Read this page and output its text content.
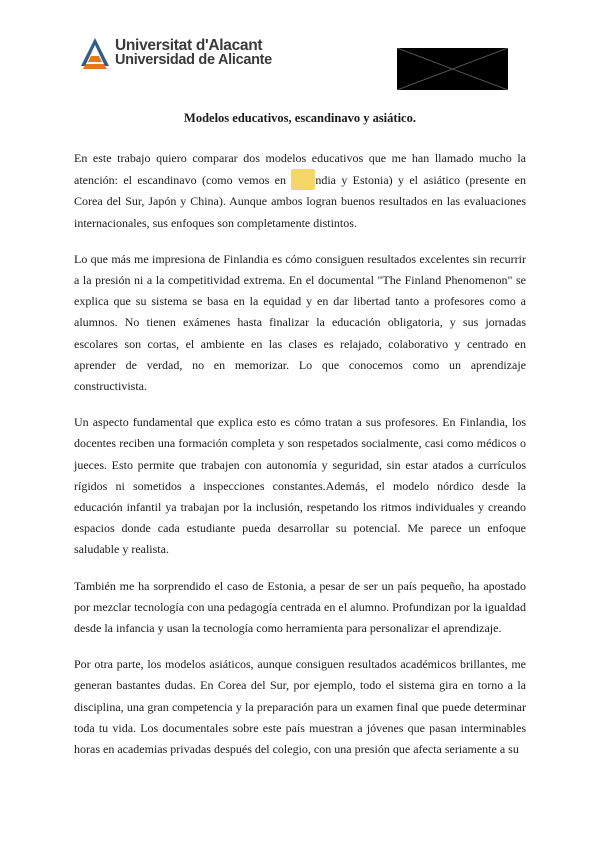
Universitat d'Alacant
Universidad de Alicante
Modelos educativos, escandinavo y asiático.

En este trabajo quiero comparar dos modelos educativos que me han llamado mucho la atención: el escandinavo (como vemos en ndia y Estonia) y el asiático (presente en Corea del Sur, Japón y China). Aunque ambos logran buenos resultados en las evaluaciones internacionales, sus enfoques son completamente distintos.

Lo que más me impresiona de Finlandia es cómo consiguen resultados excelentes sin recurrir a la presión ni a la competitividad extrema. En el documental "The Finland Phenomenon" se explica que su sistema se basa en la equidad y en dar libertad tanto a profesores como a alumnos. No tienen exámenes hasta finalizar la educación obligatoria, y sus jornadas escolares son cortas, el ambiente en las clases es relajado, colaborativo y centrado en aprender de verdad, no en memorizar. Lo que conocemos como un aprendizaje constructivista.

Un aspecto fundamental que explica esto es cómo tratan a sus profesores. En Finlandia, los docentes reciben una formación completa y son respetados socialmente, casi como médicos o jueces. Esto permite que trabajen con autonomía y seguridad, sin estar atados a currículos rígidos ni sometidos a inspecciones constantes.Además, el modelo nórdico desde la educación infantil ya trabajan por la inclusión, respetando los ritmos individuales y creando espacios donde cada estudiante pueda desarrollar su potencial. Me parece un enfoque saludable y realista.

También me ha sorprendido el caso de Estonia, a pesar de ser un país pequeño, ha apostado por mezclar tecnología con una pedagogía centrada en el alumno. Profundizan por la igualdad desde la infancia y usan la tecnología como herramienta para personalizar el aprendizaje.

Por otra parte, los modelos asiáticos, aunque consiguen resultados académicos brillantes, me generan bastantes dudas. En Corea del Sur, por ejemplo, todo el sistema gira en torno a la disciplina, una gran competencia y la preparación para un examen final que puede determinar toda tu vida. Los documentales sobre este país muestran a jóvenes que pasan interminables horas en academias privadas después del colegio, con una presión que afecta seriamente a su
